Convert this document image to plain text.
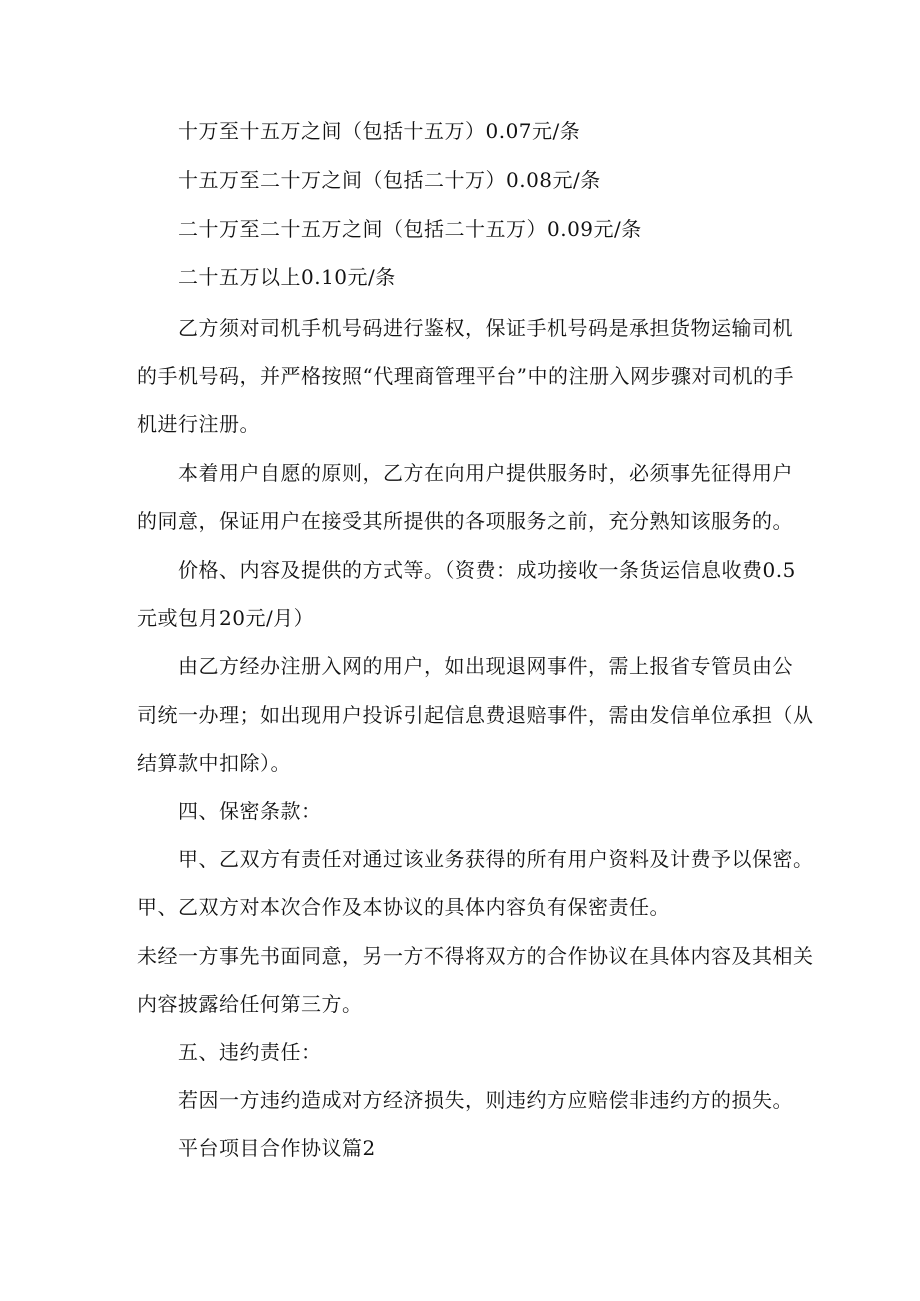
十万至十五万之间（包括十五万）0.07元/条
十五万至二十万之间（包括二十万）0.08元/条
二十万至二十五万之间（包括二十五万）0.09元/条
二十五万以上0.10元/条
乙方须对司机手机号码进行鉴权，保证手机号码是承担货物运输司机
的手机号码，并严格按照“代理商管理平台”中的注册入网步骤对司机的手
机进行注册。
本着用户自愿的原则，乙方在向用户提供服务时，必须事先征得用户
的同意，保证用户在接受其所提供的各项服务之前，充分熟知该服务的。
价格、内容及提供的方式等。（资费：成功接收一条货运信息收费0.5
元或包月20元/月）
由乙方经办注册入网的用户，如出现退网事件，需上报省专管员由公
司统一办理；如出现用户投诉引起信息费退赔事件，需由发信单位承担（从
结算款中扣除）。
四、保密条款：
甲、乙双方有责任对通过该业务获得的所有用户资料及计费予以保密。
甲、乙双方对本次合作及本协议的具体内容负有保密责任。
未经一方事先书面同意，另一方不得将双方的合作协议在具体内容及其相关
内容披露给任何第三方。
五、违约责任：
若因一方违约造成对方经济损失，则违约方应赔偿非违约方的损失。
平台项目合作协议篇2
